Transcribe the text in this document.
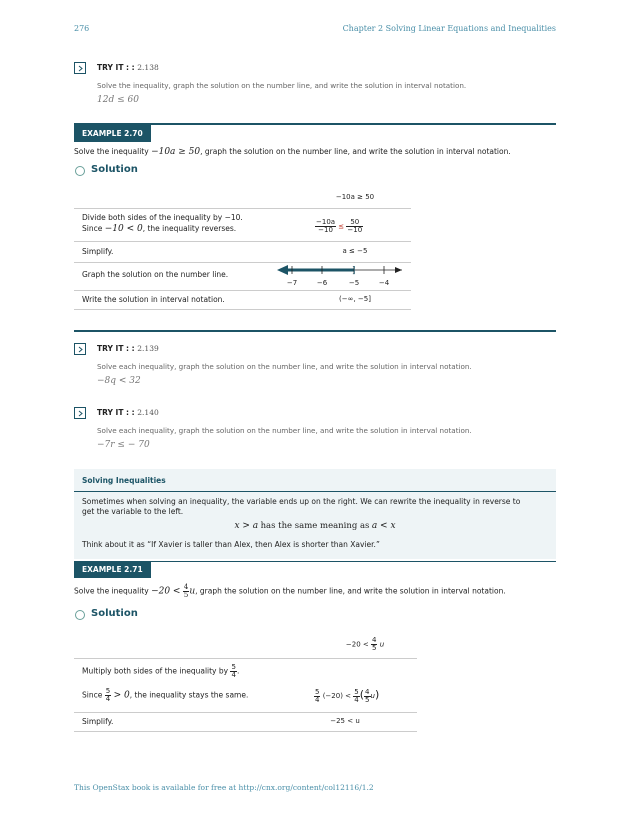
276	Chapter 2 Solving Linear Equations and Inequalities
TRY IT : : 2.138
Solve the inequality, graph the solution on the number line, and write the solution in interval notation.
12d ≤ 60
EXAMPLE 2.70
Solve the inequality −10a ≥ 50, graph the solution on the number line, and write the solution in interval notation.
Solution
−10a ≥ 50
Divide both sides of the inequality by −10.
Since −10 < 0, the inequality reverses.	$\frac{-10a}{-10} \le \frac{50}{-10}$
Simplify.	a ≤ −5
Graph the solution on the number line.	]
−7	−6	−5	−4
Write the solution in interval notation.	(−∞, −5]
TRY IT : : 2.139
Solve each inequality, graph the solution on the number line, and write the solution in interval notation.
−8q < 32
TRY IT : : 2.140
Solve each inequality, graph the solution on the number line, and write the solution in interval notation.
−7r ≤ − 70
Solving Inequalities
Sometimes when solving an inequality, the variable ends up on the right. We can rewrite the inequality in reverse to
get the variable to the left.
x > a has the same meaning as a < x
Think about it as “If Xavier is taller than Alex, then Alex is shorter than Xavier.”
EXAMPLE 2.71
Solve the inequality $-20 < \frac{4}{5} u$, graph the solution on the number line, and write the solution in interval notation.
Solution
$-20 < \frac{4}{5}$ u
Multiply both sides of the inequality by $\frac{5}{4}$ .
Since $\frac{5}{4} > 0$, the inequality stays the same.	$\frac{5}{4} (-20) < \frac{5}{4}$ ( $\frac{4}{5} u$)
Simplify.	−25 < u
This OpenStax book is available for free at http://cnx.org/content/col12116/1.2
